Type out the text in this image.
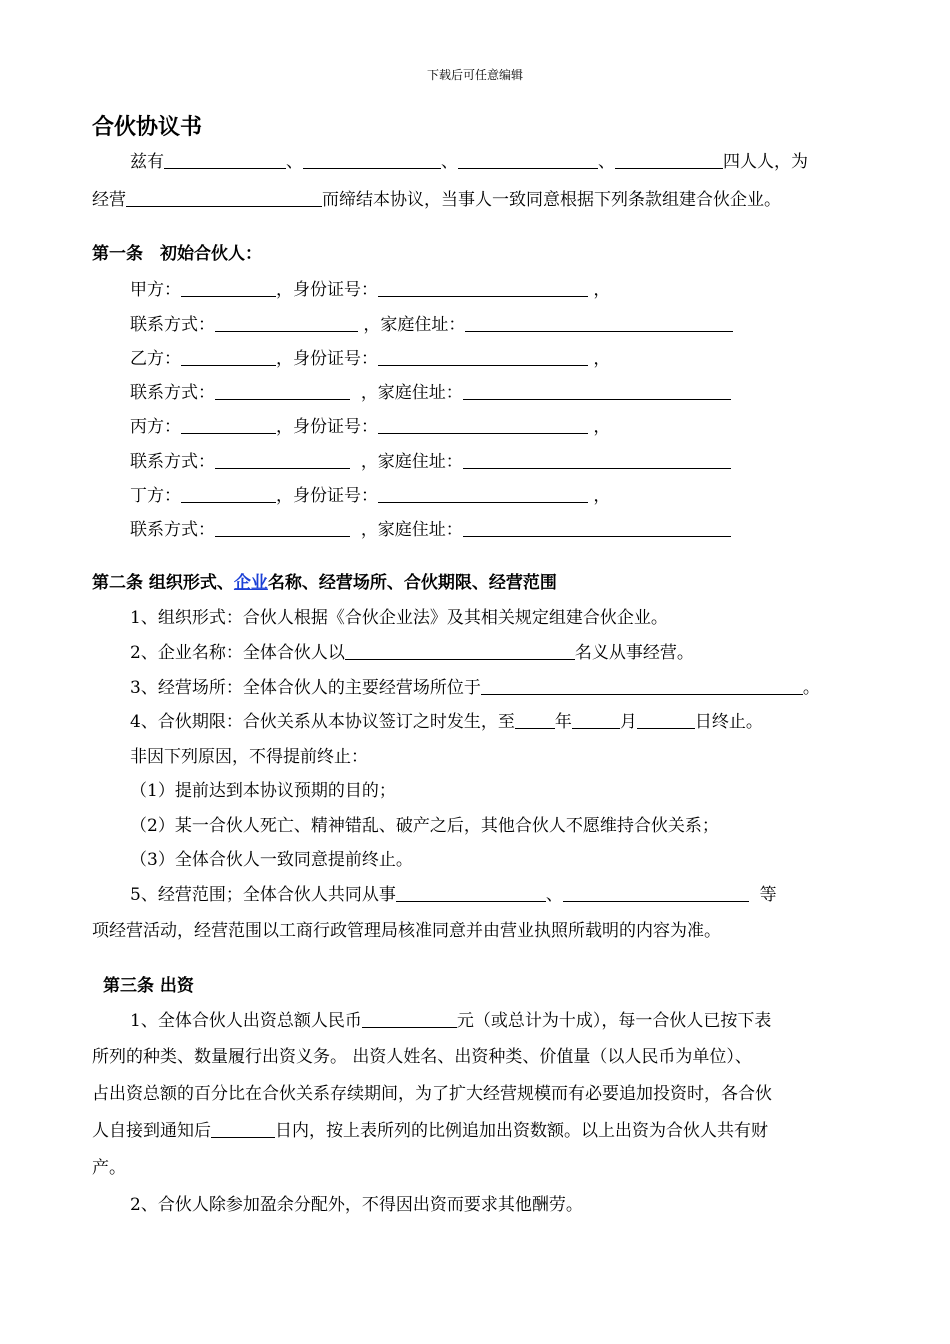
下载后可任意编辑
合伙协议书
兹有	、	、	、	四人人，为
经营	而缔结本协议，当事人一致同意根据下列条款组建合伙企业。
第一条　初始合伙人：
甲方：	，身份证号：	，
联系方式：	，家庭住址：
乙方：	，身份证号：	，
联系方式：	，家庭住址：
丙方：	，身份证号：	，
联系方式：	，家庭住址：
丁方：	，身份证号：	，
联系方式：	，家庭住址：
第二条 组织形式、企业名称、经营场所、合伙期限、经营范围
1、组织形式：合伙人根据《合伙企业法》及其相关规定组建合伙企业。
2、企业名称：全体合伙人以	名义从事经营。
3、经营场所：全体合伙人的主要经营场所位于	。
4、合伙期限：合伙关系从本协议签订之时发生，至 年	月	日终止。
非因下列原因，不得提前终止：
（1）提前达到本协议预期的目的；
（2）某一合伙人死亡、精神错乱、破产之后，其他合伙人不愿维持合伙关系；
（3）全体合伙人一致同意提前终止。
5、经营范围；全体合伙人共同从事	、	等
项经营活动，经营范围以工商行政管理局核准同意并由营业执照所载明的内容为准。
第三条 出资
1、全体合伙人出资总额人民币	元（或总计为十成），每一合伙人已按下表
所列的种类、数量履行出资义务。 出资人姓名、出资种类、价值量（以人民币为单位）、
占出资总额的百分比在合伙关系存续期间，为了扩大经营规模而有必要追加投资时，各合伙
人自接到通知后	日内，按上表所列的比例追加出资数额。以上出资为合伙人共有财
产。
2、合伙人除参加盈余分配外，不得因出资而要求其他酬劳。
